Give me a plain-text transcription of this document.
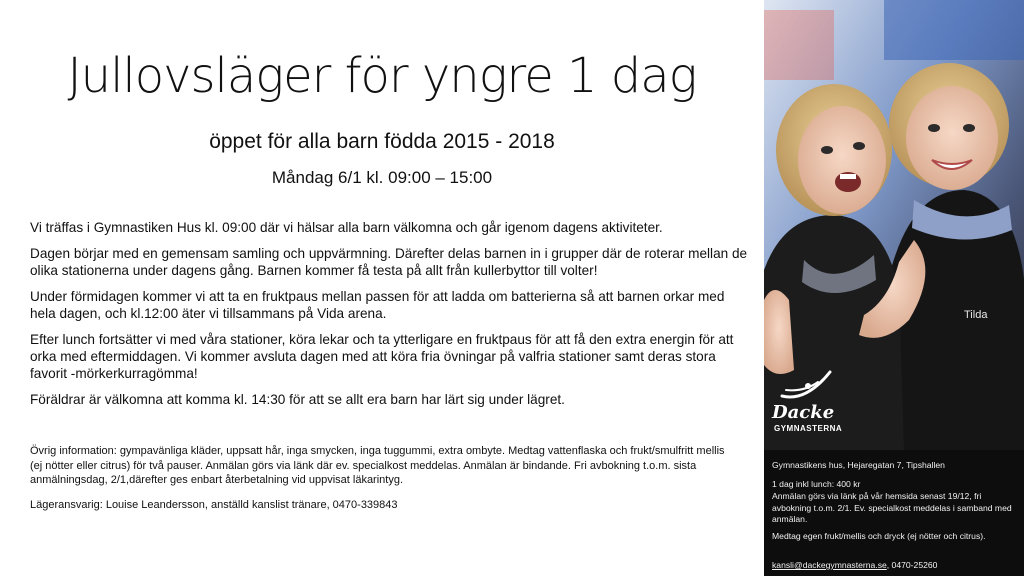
Jullovsläger för yngre 1 dag
öppet för alla barn födda 2015 - 2018
Måndag 6/1 kl. 09:00 – 15:00

Vi träffas i Gymnastiken Hus kl. 09:00 där vi hälsar alla barn välkomna och går igenom dagens aktiviteter.

Dagen börjar med en gemensam samling och uppvärmning. Därefter delas barnen in i grupper där de roterar mellan de olika stationerna under dagens gång. Barnen kommer få testa på allt från kullerbyttor till volter!

Under förmidagen kommer vi att ta en fruktpaus mellan passen för att ladda om batterierna så att barnen orkar med hela dagen, och kl.12:00 äter vi tillsammans på Vida arena.

Efter lunch fortsätter vi med våra stationer, köra lekar och ta ytterligare en fruktpaus för att få den extra energin för att orka med eftermiddagen. Vi kommer avsluta dagen med att köra fria övningar på valfria stationer samt deras stora favorit -mörkerkurragömma!

Föräldrar är välkomna att komma kl. 14:30 för att se allt era barn har lärt sig under lägret.

Övrig information: gympavänliga kläder, uppsatt hår, inga smycken, inga tuggummi, extra ombyte. Medtag vattenflaska och frukt/smulfritt mellis (ej nötter eller citrus) för två pauser. Anmälan görs via länk där ev. specialkost meddelas. Anmälan är bindande. Fri avbokning t.o.m. sista anmälningsdag, 2/1,därefter ges enbart återbetalning vid uppvisat läkarintyg.

Lägeransvarig: Louise Leandersson, anställd kanslist tränare, 0470-339843

Tilda
Dacke
GYMNASTERNA
Gymnastikens hus, Hejaregatan 7, Tipshallen
1 dag inkl lunch: 400 kr
Anmälan görs via länk på vår hemsida senast 19/12, fri avbokning t.o.m. 2/1. Ev. specialkost meddelas i samband med anmälan.
Medtag egen frukt/mellis och dryck (ej nötter och citrus).
kansli@dackegymnasterna.se, 0470-25260
